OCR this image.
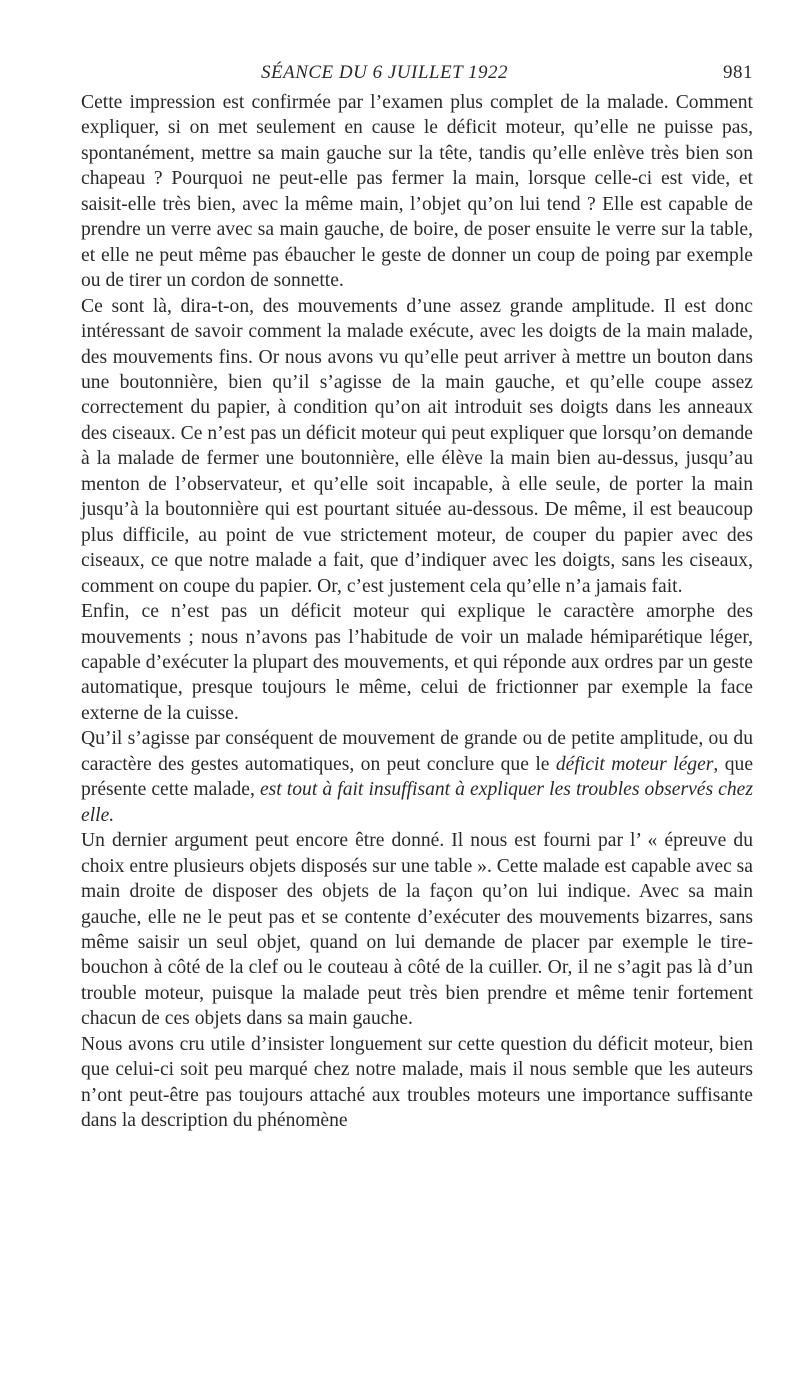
SÉANCE DU 6 JUILLET 1922	981

Cette impression est confirmée par l’examen plus complet de la malade. Comment expliquer, si on met seulement en cause le déficit moteur, qu’elle ne puisse pas, spontanément, mettre sa main gauche sur la tête, tandis qu’elle enlève très bien son chapeau ? Pourquoi ne peut-elle pas fermer la main, lorsque celle-ci est vide, et saisit-elle très bien, avec la même main, l’objet qu’on lui tend ? Elle est capable de prendre un verre avec sa main gauche, de boire, de poser ensuite le verre sur la table, et elle ne peut même pas ébaucher le geste de donner un coup de poing par exemple ou de tirer un cordon de sonnette.

Ce sont là, dira-t-on, des mouvements d’une assez grande amplitude. Il est donc intéressant de savoir comment la malade exécute, avec les doigts de la main malade, des mouvements fins. Or nous avons vu qu’elle peut arriver à mettre un bouton dans une boutonnière, bien qu’il s’agisse de la main gauche, et qu’elle coupe assez correctement du papier, à condition qu’on ait introduit ses doigts dans les anneaux des ciseaux. Ce n’est pas un déficit moteur qui peut expliquer que lorsqu’on demande à la malade de fermer une boutonnière, elle élève la main bien au-dessus, jusqu’au menton de l’observateur, et qu’elle soit incapable, à elle seule, de porter la main jusqu’à la boutonnière qui est pourtant située au-dessous. De même, il est beaucoup plus difficile, au point de vue strictement moteur, de couper du papier avec des ciseaux, ce que notre malade a fait, que d’indiquer avec les doigts, sans les ciseaux, comment on coupe du papier. Or, c’est justement cela qu’elle n’a jamais fait.

Enfin, ce n’est pas un déficit moteur qui explique le caractère amorphe des mouvements ; nous n’avons pas l’habitude de voir un malade hémiparétique léger, capable d’exécuter la plupart des mouvements, et qui réponde aux ordres par un geste automatique, presque toujours le même, celui de frictionner par exemple la face externe de la cuisse.

Qu’il s’agisse par conséquent de mouvement de grande ou de petite amplitude, ou du caractère des gestes automatiques, on peut conclure que le déficit moteur léger, que présente cette malade, est tout à fait insuffisant à expliquer les troubles observés chez elle.

Un dernier argument peut encore être donné. Il nous est fourni par l’ « épreuve du choix entre plusieurs objets disposés sur une table ». Cette malade est capable avec sa main droite de disposer des objets de la façon qu’on lui indique. Avec sa main gauche, elle ne le peut pas et se contente d’exécuter des mouvements bizarres, sans même saisir un seul objet, quand on lui demande de placer par exemple le tire-bouchon à côté de la clef ou le couteau à côté de la cuiller. Or, il ne s’agit pas là d’un trouble moteur, puisque la malade peut très bien prendre et même tenir fortement chacun de ces objets dans sa main gauche.

Nous avons cru utile d’insister longuement sur cette question du déficit moteur, bien que celui-ci soit peu marqué chez notre malade, mais il nous semble que les auteurs n’ont peut-être pas toujours attaché aux troubles moteurs une importance suffisante dans la description du phénomène
